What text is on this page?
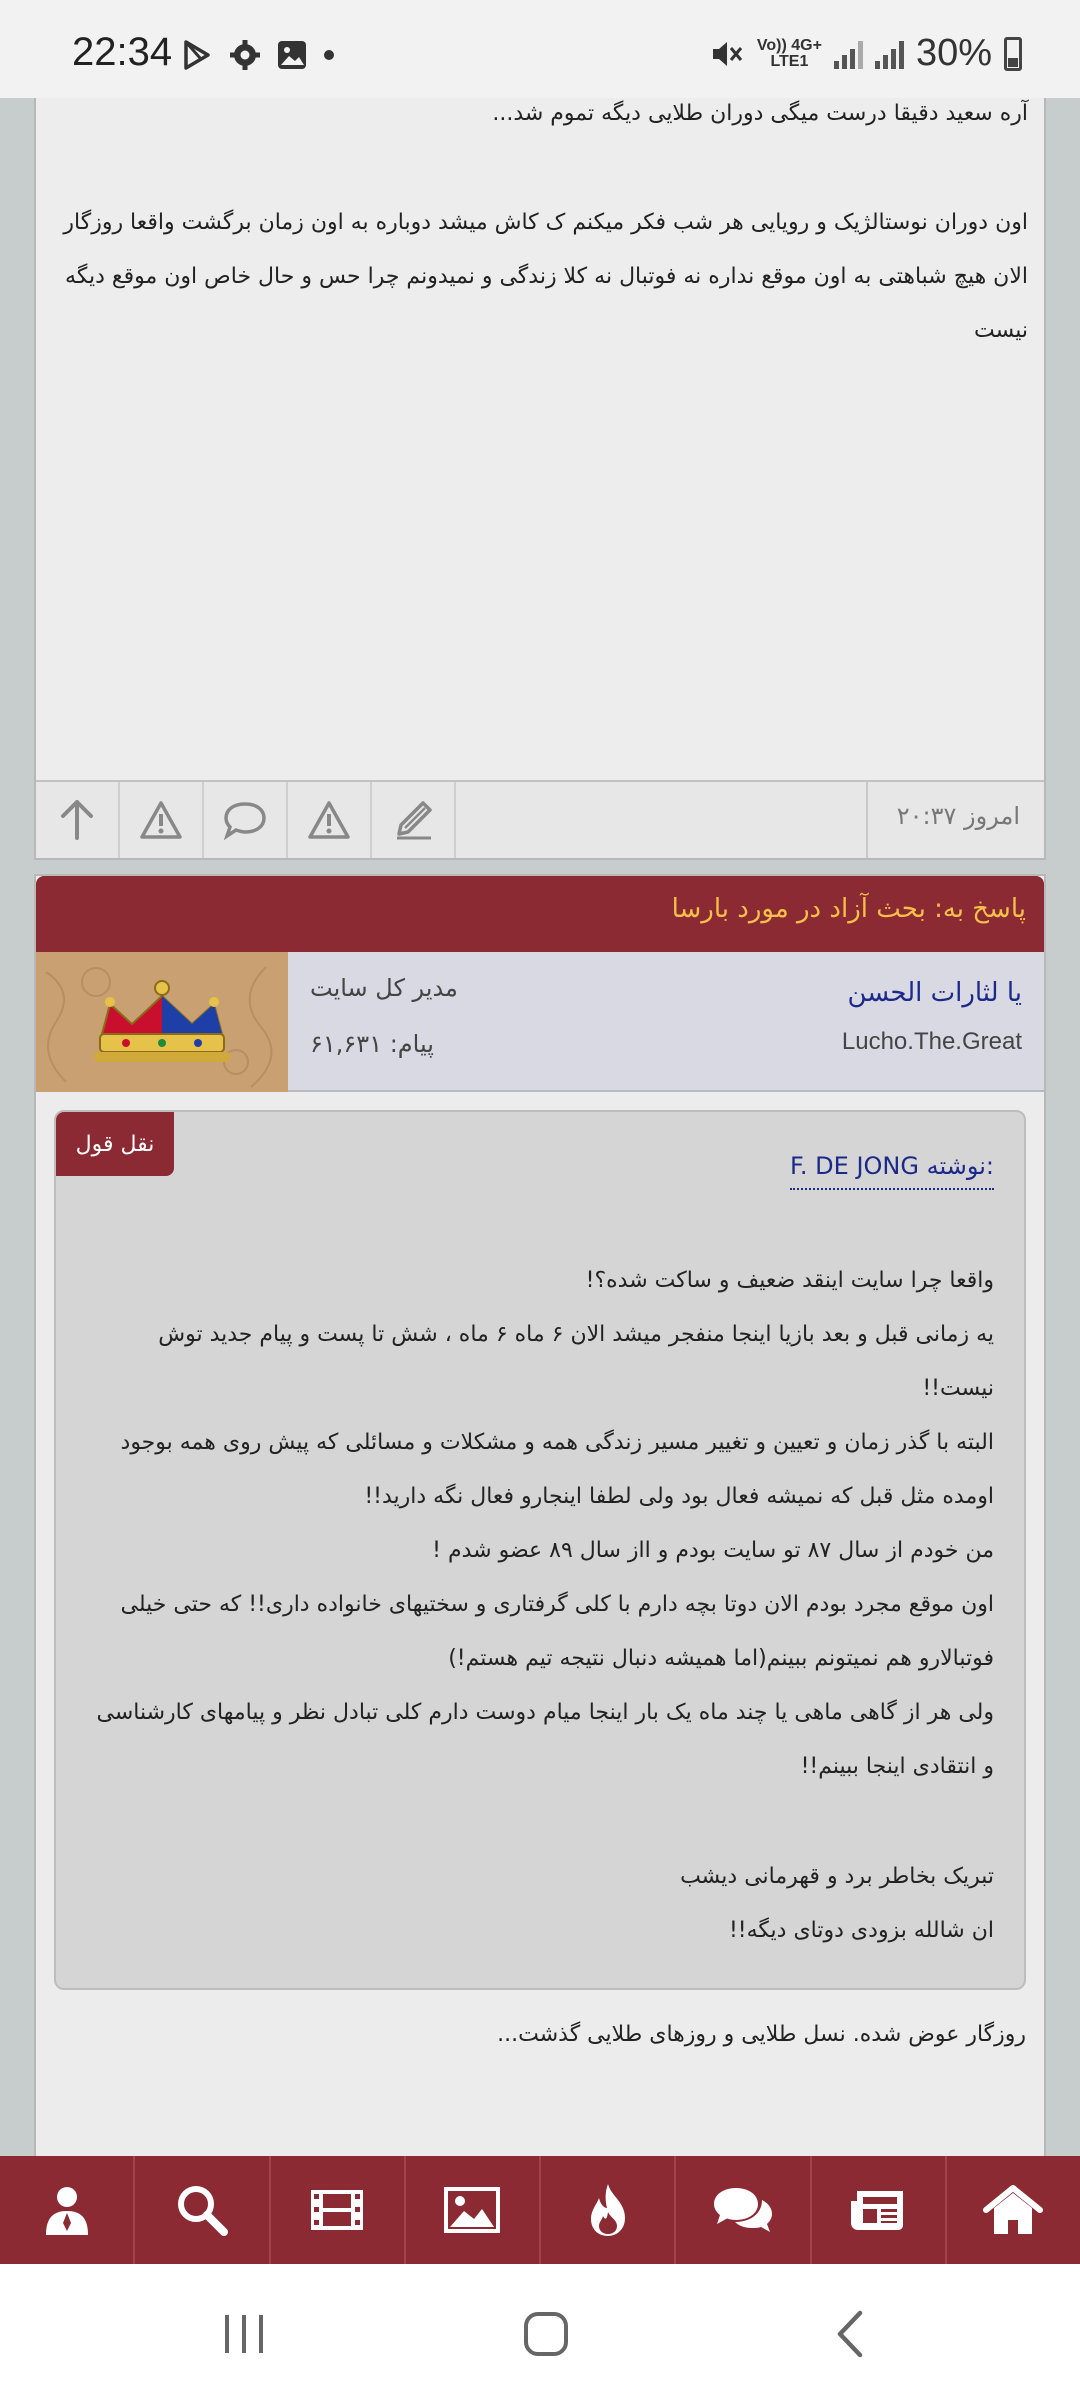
22:34	Vo)) 4G+
LTE1	30%
آره سعید دقیقا درست میگی دوران طلایی دیگه تموم شد...
اون دوران نوستالژیک و رویایی هر شب فکر میکنم ک کاش میشد دوباره به اون زمان برگشت واقعا روزگار الان هیچ شباهتی به اون موقع نداره نه فوتبال نه کلا زندگی و نمیدونم چرا حس و حال خاص اون موقع دیگه نیست
امروز ۲۰:۳۷
پاسخ به: بحث آزاد در مورد بارسا
یا لثارات الحسن
Lucho.The.Great
مدیر کل سایت
پیام: ۶۱,۶۳۱
نقل قول
F. DE JONG نوشته:
واقعا چرا سایت اینقد ضعیف و ساکت شده؟!
یه زمانی قبل و بعد بازیا اینجا منفجر میشد الان ۶ ماه ۶ ماه ، شش تا پست و پیام جدید توش نیست!!
البته با گذر زمان و تعیین و تغییر مسیر زندگی همه و مشکلات و مسائلی که پیش روی همه بوجود اومده مثل قبل که نمیشه فعال بود ولی لطفا اینجارو فعال نگه دارید!!
من خودم از سال ۸۷ تو سایت بودم و ااز سال ۸۹ عضو شدم !
اون موقع مجرد بودم الان دوتا بچه دارم با کلی گرفتاری و سختیهای خانواده داری!! که حتی خیلی فوتبالارو هم نمیتونم ببینم(اما همیشه دنبال نتیجه تیم هستم!)
ولی هر از گاهی ماهی یا چند ماه یک بار اینجا میام دوست دارم کلی تبادل نظر و پیامهای کارشناسی و انتقادی اینجا ببینم!!
تبریک بخاطر برد و قهرمانی دیشب
ان شالله بزودی دوتای دیگه!!
روزگار عوض شده. نسل طلایی و روزهای طلایی گذشت...
